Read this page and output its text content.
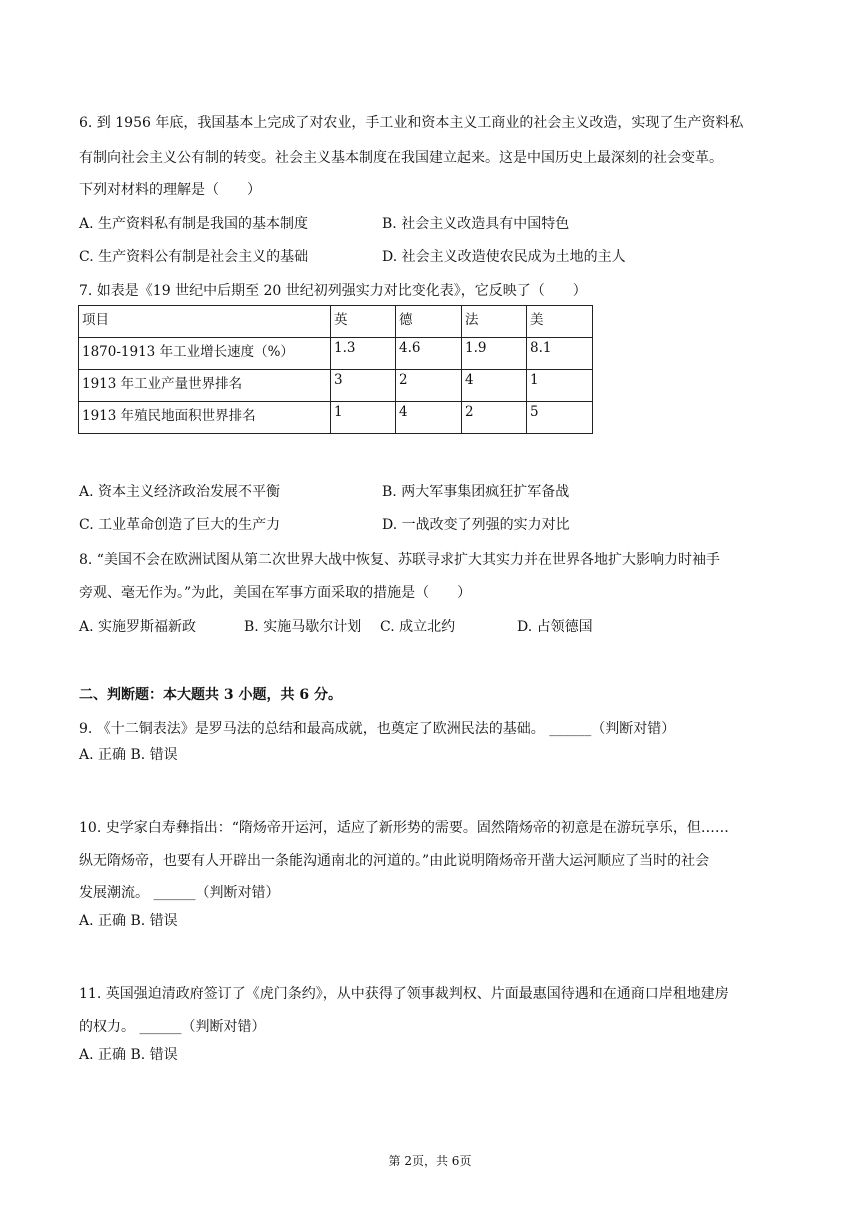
6. 到 1956 年底，我国基本上完成了对农业，手工业和资本主义工商业的社会主义改造，实现了生产资料私
有制向社会主义公有制的转变。社会主义基本制度在我国建立起来。这是中国历史上最深刻的社会变革。
下列对材料的理解是（　　）
A. 生产资料私有制是我国的基本制度	B. 社会主义改造具有中国特色
C. 生产资料公有制是社会主义的基础	D. 社会主义改造使农民成为土地的主人
7. 如表是《19 世纪中后期至 20 世纪初列强实力对比变化表》，它反映了（　　）
项目	英	德	法	美
1870-1913 年工业增长速度（%）	1.3	4.6	1.9	8.1
1913 年工业产量世界排名	3	2	4	1
1913 年殖民地面积世界排名	1	4	2	5
A. 资本主义经济政治发展不平衡	B. 两大军事集团疯狂扩军备战
C. 工业革命创造了巨大的生产力	D. 一战改变了列强的实力对比
8. “美国不会在欧洲试图从第二次世界大战中恢复、苏联寻求扩大其实力并在世界各地扩大影响力时袖手
旁观、毫无作为。”为此，美国在军事方面采取的措施是（　　）
A. 实施罗斯福新政	B. 实施马歇尔计划 C. 成立北约	D. 占领德国
二、判断题：本大题共 3 小题，共 6 分。
9. 《十二铜表法》是罗马法的总结和最高成就，也奠定了欧洲民法的基础。 ______（判断对错）
A. 正确 B. 错误
10. 史学家白寿彝指出：“隋炀帝开运河，适应了新形势的需要。固然隋炀帝的初意是在游玩享乐，但……
纵无隋炀帝，也要有人开辟出一条能沟通南北的河道的。”由此说明隋炀帝开凿大运河顺应了当时的社会
发展潮流。 ______（判断对错）
A. 正确 B. 错误
11. 英国强迫清政府签订了《虎门条约》，从中获得了领事裁判权、片面最惠国待遇和在通商口岸租地建房
的权力。 ______（判断对错）
A. 正确 B. 错误
第 2页，共 6页
